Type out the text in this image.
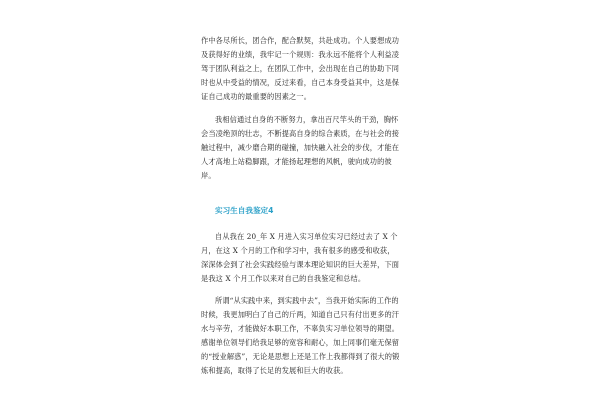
作中各尽所长，团合作，配合默契，共赴成功。个人要想成功及获得好的业绩，我牢记一个规则：我永远不能将个人利益凌驾于团队利益之上，在团队工作中，会出现在自己的协助下同时也从中受益的情况，反过来看，自己本身受益其中，这是保证自己成功的最重要的因素之一。

我相信通过自身的不断努力，拿出百尺竿头的干劲，胸怀会当凌绝顶的壮志，不断提高自身的综合素质，在与社会的接触过程中，减少磨合期的碰撞，加快融入社会的步伐，才能在人才高地上站稳脚跟，才能扬起理想的风帆，驶向成功的彼岸。

实习生自我鉴定4

自从我在 20_年 X 月进入实习单位实习已经过去了 X 个月，在这 X 个月的工作和学习中，我有很多的感受和收获，深深体会到了社会实践经验与课本理论知识的巨大差异，下面是我这 X 个月工作以来对自己的自我鉴定和总结。

所谓“从实践中来，到实践中去”，当我开始实际的工作的时候，我更加明白了自己的斤两，知道自己只有付出更多的汗水与辛劳，才能做好本职工作，不辜负实习单位领导的期望。感谢单位领导们给我足够的宽容和耐心，加上同事们毫无保留的“授业解惑”，无论是思想上还是工作上我都得到了很大的锻炼和提高，取得了长足的发展和巨大的收获。
